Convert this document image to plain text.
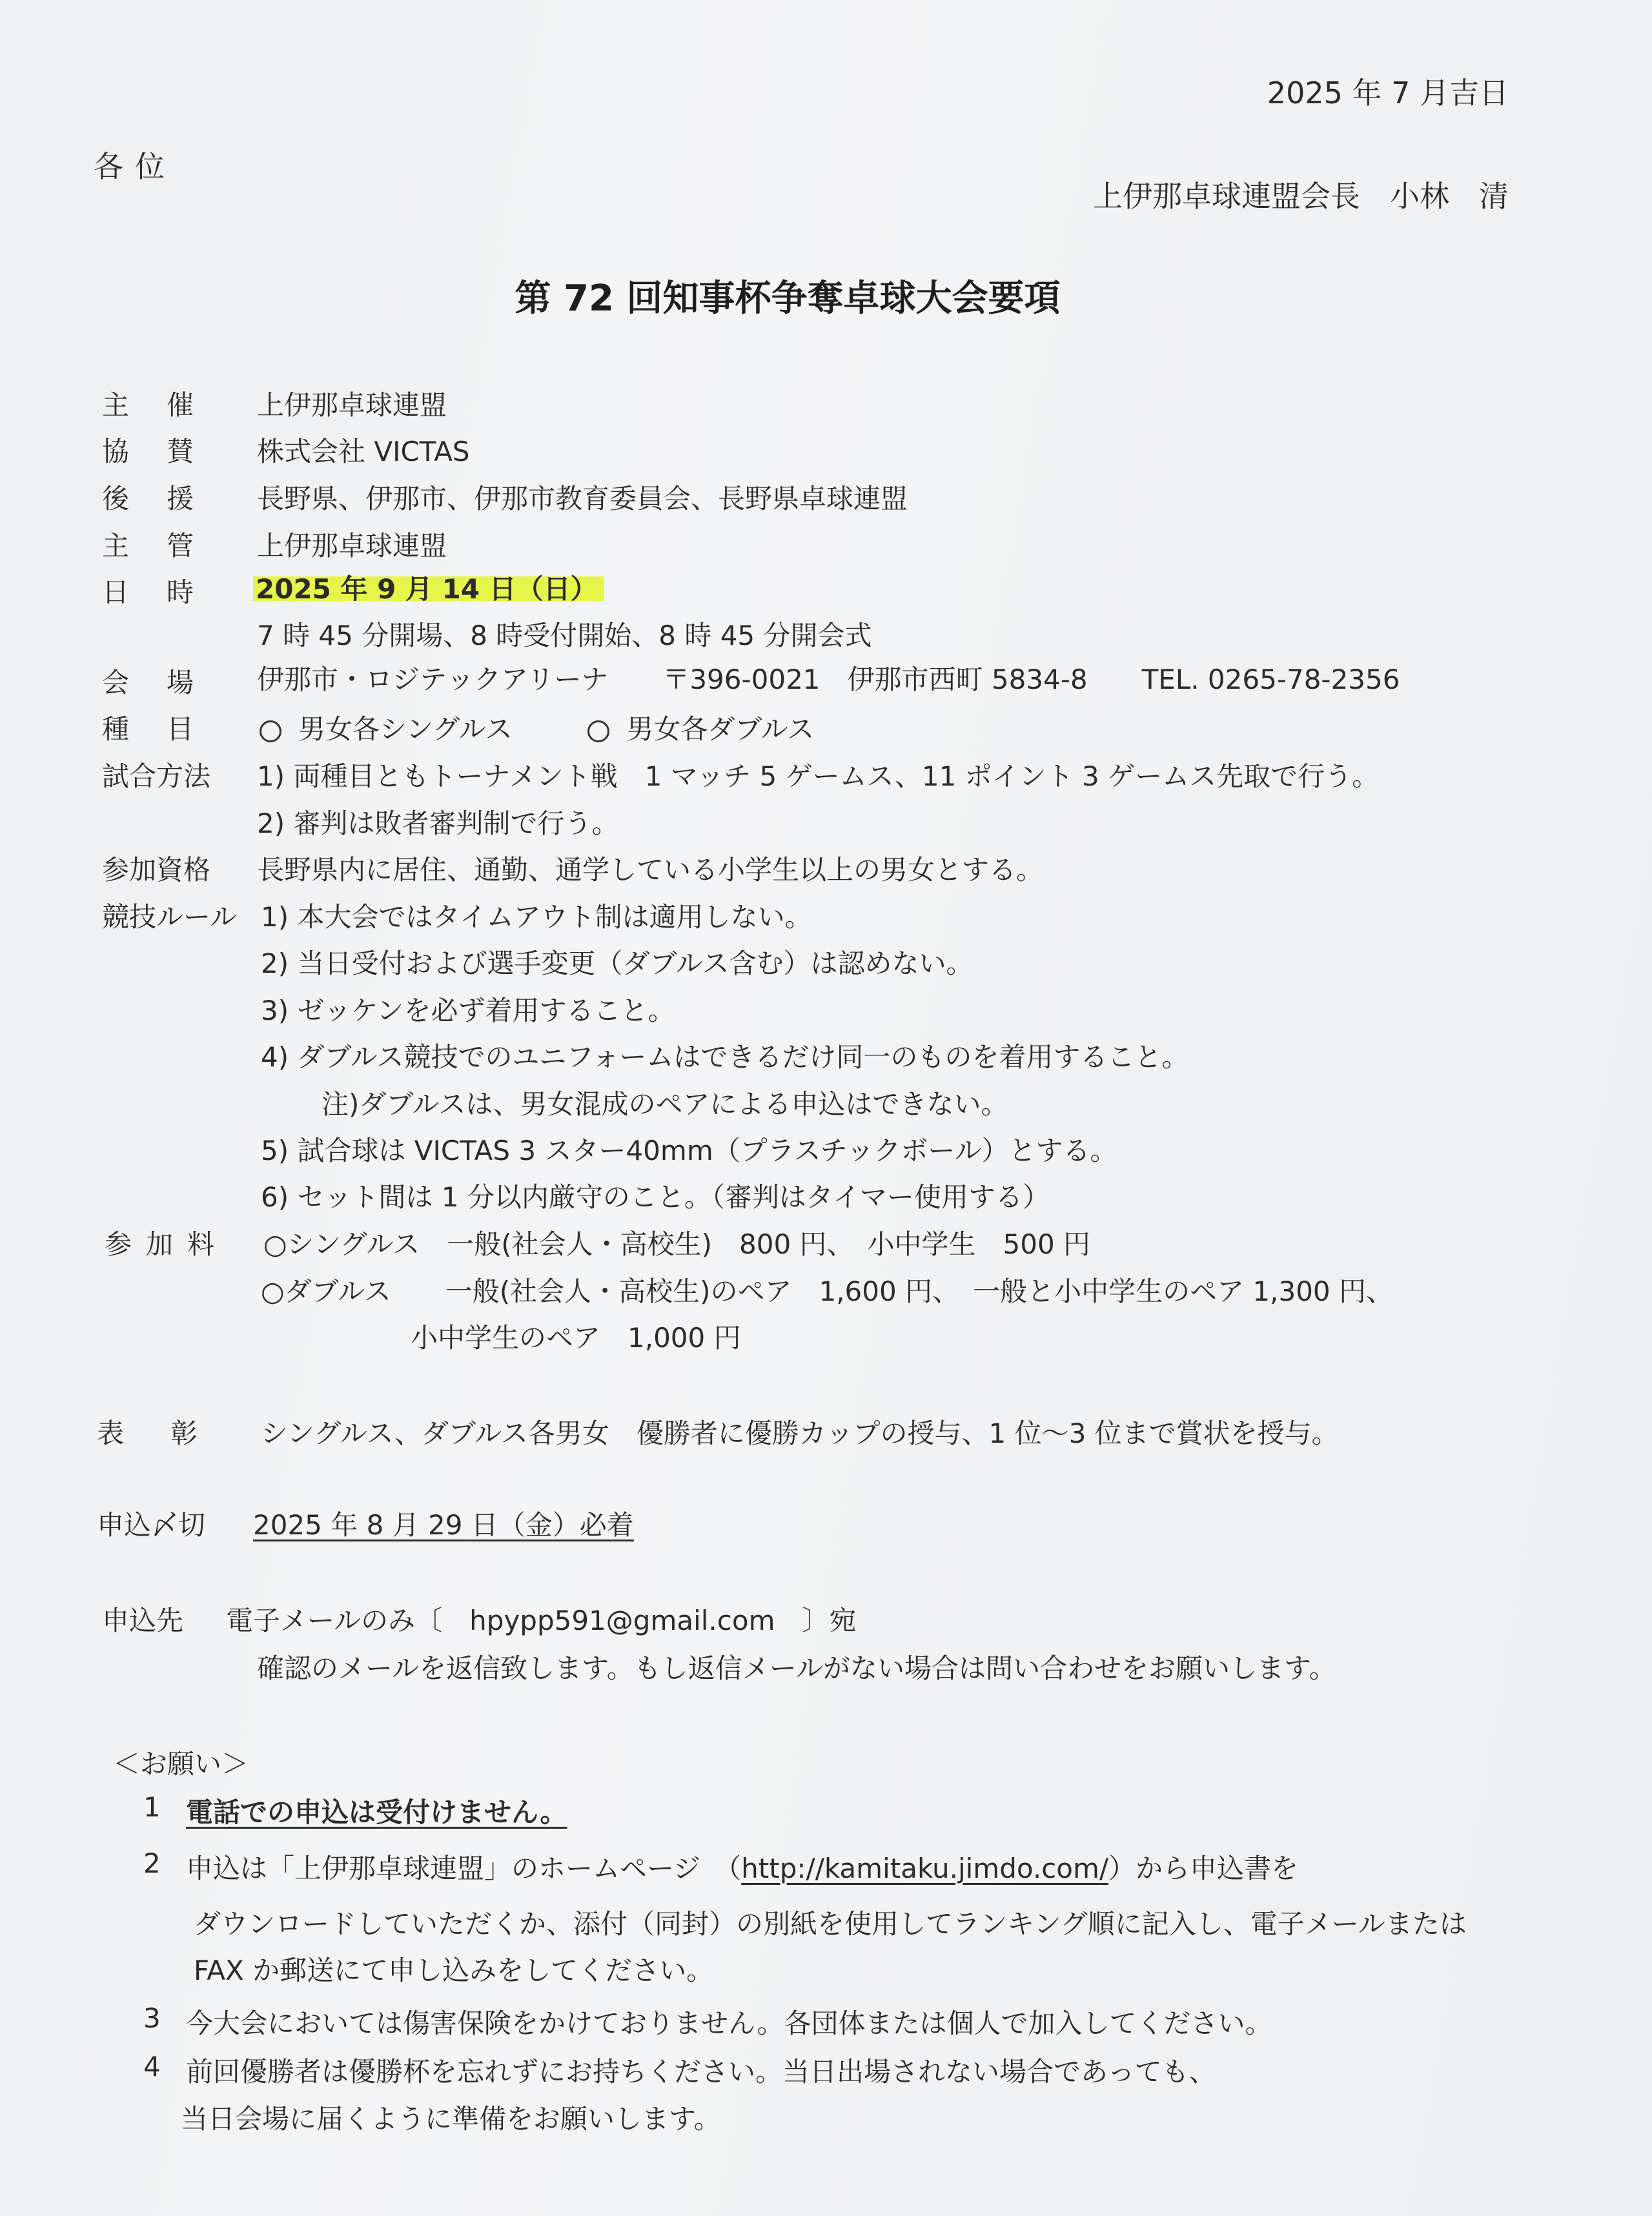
2025 年 7 月吉日
各位
上伊那卓球連盟会長　小林　清
第 72 回知事杯争奪卓球大会要項
主催 上伊那卓球連盟
協賛 株式会社 VICTAS
後援 長野県、伊那市、伊那市教育委員会、長野県卓球連盟
主管 上伊那卓球連盟
日時 2025 年 9 月 14 日（日）
7 時 45 分開場、8 時受付開始、8 時 45 分開会式
会場 伊那市・ロジテックアリーナ　　〒396-0021　伊那市西町 5834-8　　TEL. 0265-78-2356
種目	男女各シングルス	男女各ダブルス
試合方法 1) 両種目ともトーナメント戦　1 マッチ 5 ゲームス、11 ポイント 3 ゲームス先取で行う。
2) 審判は敗者審判制で行う。
参加資格 長野県内に居住、通勤、通学している小学生以上の男女とする。
競技ルール 1) 本大会ではタイムアウト制は適用しない。
2) 当日受付および選手変更（ダブルス含む）は認めない。
3) ゼッケンを必ず着用すること。
4) ダブルス競技でのユニフォームはできるだけ同一のものを着用すること。
注)ダブルスは、男女混成のペアによる申込はできない。
5) 試合球は VICTAS 3 スター40mm（プラスチックボール）とする。
6) セット間は 1 分以内厳守のこと。（審判はタイマー使用する）
参加料 ○シングルス　一般(社会人・高校生)　800 円、　小中学生　500 円
○ダブルス　　一般(社会人・高校生)のペア　1,600 円、　一般と小中学生のペア 1,300 円、
小中学生のペア　1,000 円
表彰 シングルス、ダブルス各男女　優勝者に優勝カップの授与、1 位～3 位まで賞状を授与。
申込〆切 2025 年 8 月 29 日（金）必着
申込先 電子メールのみ〔　hpypp591@gmail.com　〕宛
確認のメールを返信致します。もし返信メールがない場合は問い合わせをお願いします。
＜お願い＞
1 電話での申込は受付けません。
2 申込は「上伊那卓球連盟」のホームページ　（http://kamitaku.jimdo.com/）から申込書を
ダウンロードしていただくか、添付（同封）の別紙を使用してランキング順に記入し、電子メールまたは
FAX か郵送にて申し込みをしてください。
3 今大会においては傷害保険をかけておりません。各団体または個人で加入してください。
4 前回優勝者は優勝杯を忘れずにお持ちください。当日出場されない場合であっても、
当日会場に届くように準備をお願いします。
